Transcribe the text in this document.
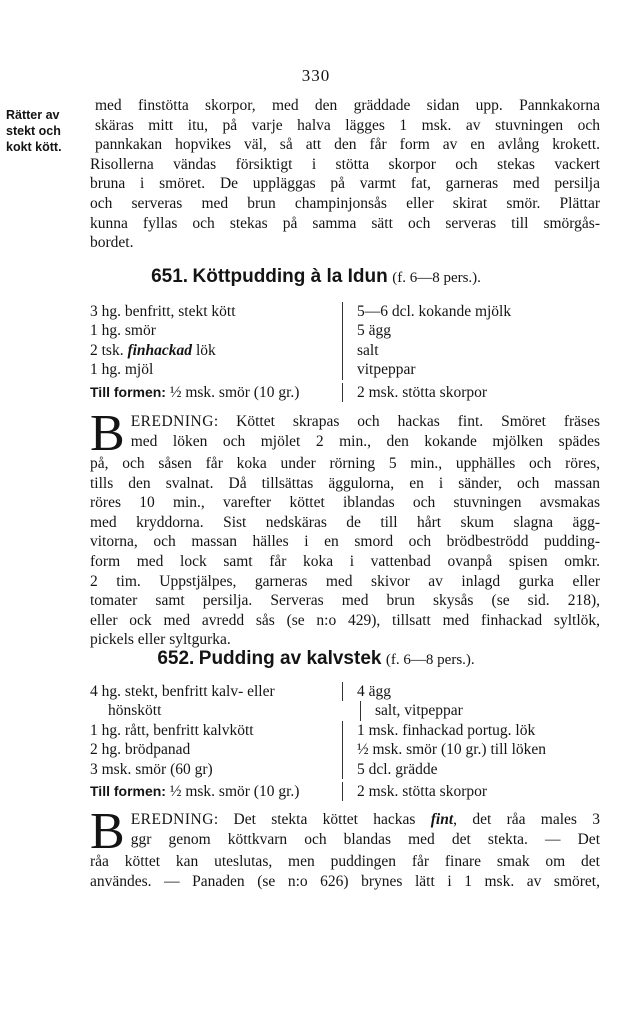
330
Rätter av
stekt och
kokt kött.
med finstötta skorpor, med den gräddade sidan upp. Pannkakorna
skäras mitt itu, på varje halva lägges 1 msk. av stuvningen och
pannkakan hopvikes väl, så att den får form av en avlång krokett.
Risollerna vändas försiktigt i stötta skorpor och stekas vackert
bruna i smöret. De uppläggas på varmt fat, garneras med persilja
och serveras med brun champinjonsås eller skirat smör. Plättar
kunna fyllas och stekas på samma sätt och serveras till smörgås-
bordet.
651. Köttpudding à la Idun (f. 6—8 pers.).
3 hg. benfritt, stekt kött	5—6 dcl. kokande mjölk
1 hg. smör	5 ägg
2 tsk. finhackad lök	salt
1 hg. mjöl	vitpeppar
Till formen: ½ msk. smör (10 gr.)	2 msk. stötta skorpor
B EREDNING: Köttet skrapas och hackas fint. Smöret fräses
med löken och mjölet 2 min., den kokande mjölken spädes
på, och såsen får koka under rörning 5 min., upphälles och röres,
tills den svalnat. Då tillsättas äggulorna, en i sänder, och massan
röres 10 min., varefter köttet iblandas och stuvningen avsmakas
med kryddorna. Sist nedskäras de till hårt skum slagna ägg-
vitorna, och massan hälles i en smord och brödbeströdd pudding-
form med lock samt får koka i vattenbad ovanpå spisen omkr.
2 tim. Uppstjälpes, garneras med skivor av inlagd gurka eller
tomater samt persilja. Serveras med brun skysås (se sid. 218),
eller ock med avredd sås (se n:o 429), tillsatt med finhackad syltlök,
pickels eller syltgurka.
652. Pudding av kalvstek (f. 6—8 pers.).
4 hg. stekt, benfritt kalv- eller	4 ägg
hönskött	salt, vitpeppar
1 hg. rått, benfritt kalvkött	1 msk. finhackad portug. lök
2 hg. brödpanad	½ msk. smör (10 gr.) till löken
3 msk. smör (60 gr)	5 dcl. grädde
Till formen: ½ msk. smör (10 gr.)	2 msk. stötta skorpor
B EREDNING: Det stekta köttet hackas fint, det råa males 3
ggr genom köttkvarn och blandas med det stekta. — Det
råa köttet kan uteslutas, men puddingen får finare smak om det
användes. — Panaden (se n:o 626) brynes lätt i 1 msk. av smöret,
